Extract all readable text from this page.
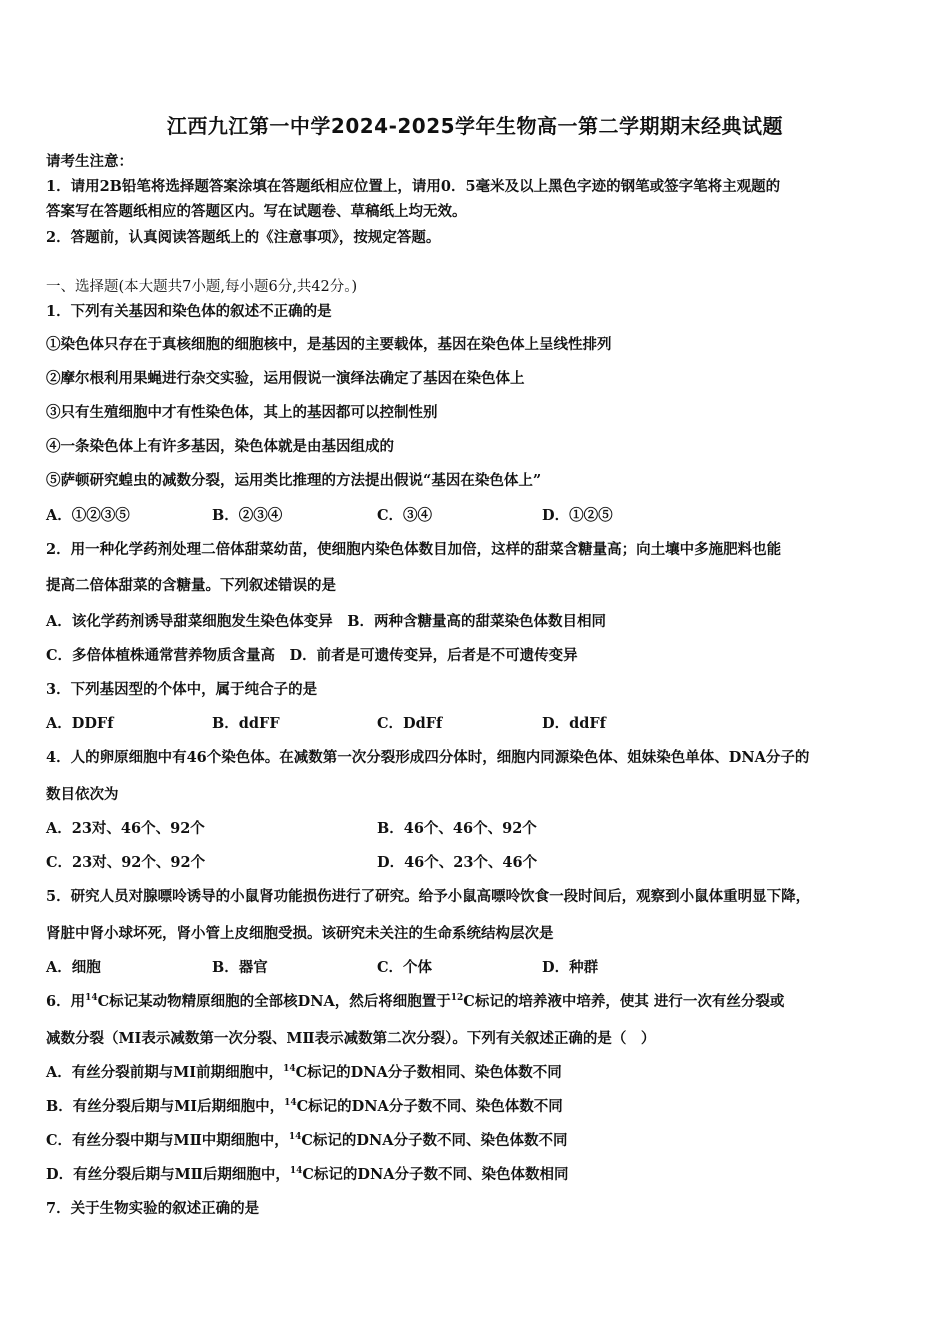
江西九江第一中学2024-2025学年生物高一第二学期期末经典试题
请考生注意：
1．请用2B铅笔将选择题答案涂填在答题纸相应位置上，请用0．5毫米及以上黑色字迹的钢笔或签字笔将主观题的
答案写在答题纸相应的答题区内。写在试题卷、草稿纸上均无效。
2．答题前，认真阅读答题纸上的《注意事项》，按规定答题。
一、选择题(本大题共7小题,每小题6分,共42分。)
1．下列有关基因和染色体的叙述不正确的是
①染色体只存在于真核细胞的细胞核中，是基因的主要载体，基因在染色体上呈线性排列
②摩尔根利用果蝇进行杂交实验，运用假说一演绎法确定了基因在染色体上
③只有生殖细胞中才有性染色体，其上的基因都可以控制性别
④一条染色体上有许多基因，染色体就是由基因组成的
⑤萨顿研究蝗虫的减数分裂，运用类比推理的方法提出假说“基因在染色体上”
A．①②③⑤	B．②③④	C．③④	D．①②⑤
2．用一种化学药剂处理二倍体甜菜幼苗，使细胞内染色体数目加倍，这样的甜菜含糖量高；向土壤中多施肥料也能
提高二倍体甜菜的含糖量。下列叙述错误的是
A．该化学药剂诱导甜菜细胞发生染色体变异　B．两种含糖量高的甜菜染色体数目相同
C．多倍体植株通常营养物质含量高　D．前者是可遗传变异，后者是不可遗传变异
3．下列基因型的个体中，属于纯合子的是
A．DDFf	B．ddFF	C．DdFf	D．ddFf
4．人的卵原细胞中有46个染色体。在减数第一次分裂形成四分体时，细胞内同源染色体、姐妹染色单体、DNA分子的
数目依次为
A．23对、46个、92个	B．46个、46个、92个
C．23对、92个、92个	D．46个、23个、46个
5．研究人员对腺嘌呤诱导的小鼠肾功能损伤进行了研究。给予小鼠高嘌呤饮食一段时间后，观察到小鼠体重明显下降，
肾脏中肾小球坏死，肾小管上皮细胞受损。该研究未关注的生命系统结构层次是
A．细胞	B．器官	C．个体	D．种群
6．用$^{14}$C标记某动物精原细胞的全部核DNA，然后将细胞置于$^{12}$C标记的培养液中培养，使其 进行一次有丝分裂或
减数分裂（MⅠ表示减数第一次分裂、MⅡ表示减数第二次分裂）。下列有关叙述正确的是（　）
A．有丝分裂前期与MⅠ前期细胞中，$^{14}$C标记的DNA分子数相同、染色体数不同
B．有丝分裂后期与MⅠ后期细胞中，$^{14}$C标记的DNA分子数不同、染色体数不同
C．有丝分裂中期与MⅡ中期细胞中，$^{14}$C标记的DNA分子数不同、染色体数不同
D．有丝分裂后期与MⅡ后期细胞中，$^{14}$C标记的DNA分子数不同、染色体数相同
7．关于生物实验的叙述正确的是
